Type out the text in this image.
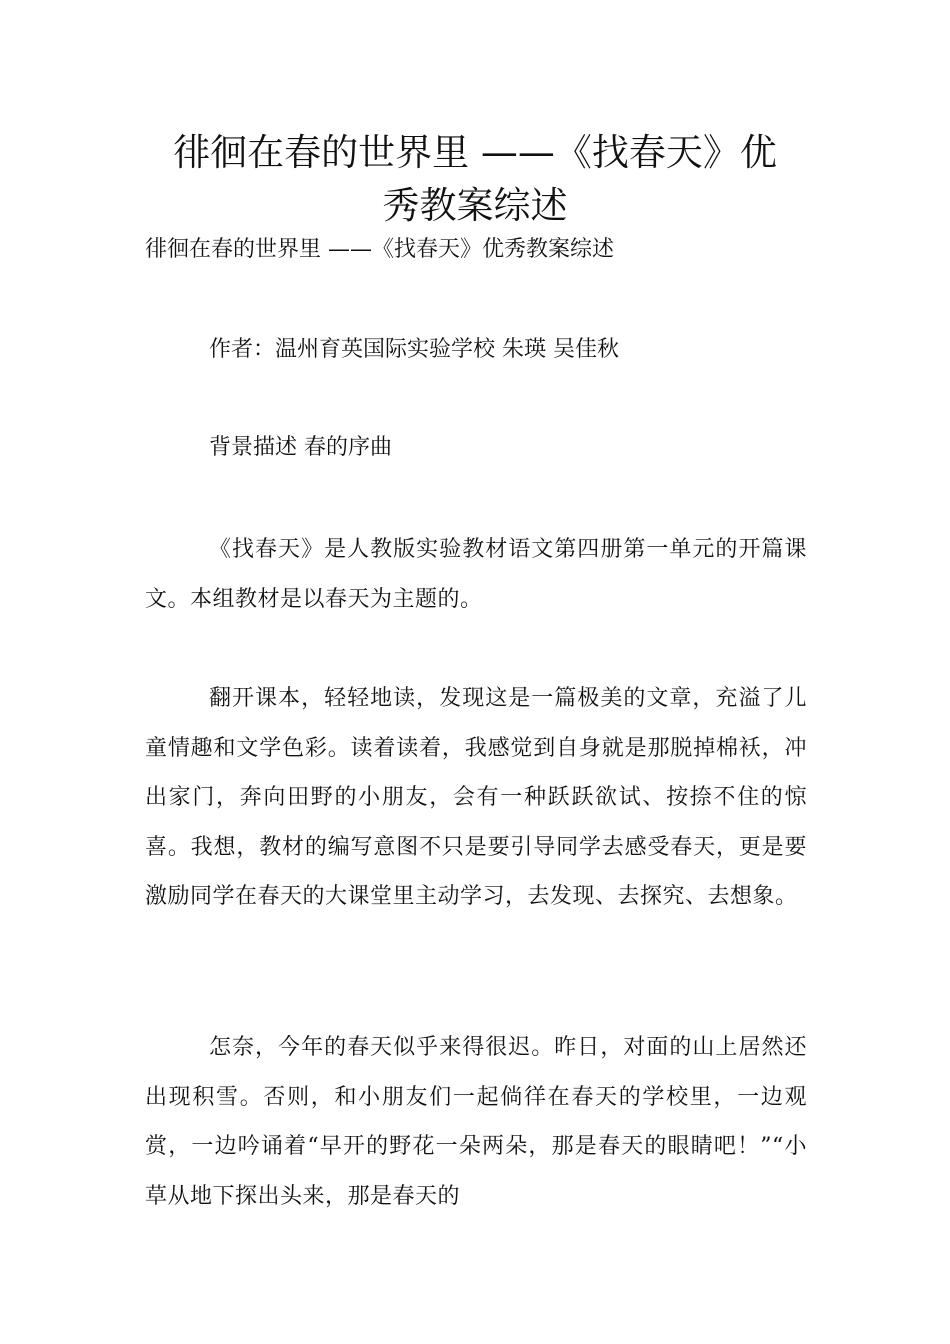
徘徊在春的世界里 ——《找春天》优
秀教案综述
徘徊在春的世界里 ——《找春天》优秀教案综述
作者：温州育英国际实验学校 朱瑛 吴佳秋
背景描述 春的序曲

《找春天》是人教版实验教材语文第四册第一单元的开篇课文。本组教材是以春天为主题的。

翻开课本，轻轻地读，发现这是一篇极美的文章，充溢了儿童情趣和文学色彩。读着读着，我感觉到自身就是那脱掉棉袄，冲出家门，奔向田野的小朋友，会有一种跃跃欲试、按捺不住的惊喜。我想，教材的编写意图不只是要引导同学去感受春天，更是要激励同学在春天的大课堂里主动学习，去发现、去探究、去想象。

怎奈，今年的春天似乎来得很迟。昨日，对面的山上居然还出现积雪。否则，和小朋友们一起倘徉在春天的学校里，一边观赏，一边吟诵着“早开的野花一朵两朵，那是春天的眼睛吧！”“小草从地下探出头来，那是春天的
